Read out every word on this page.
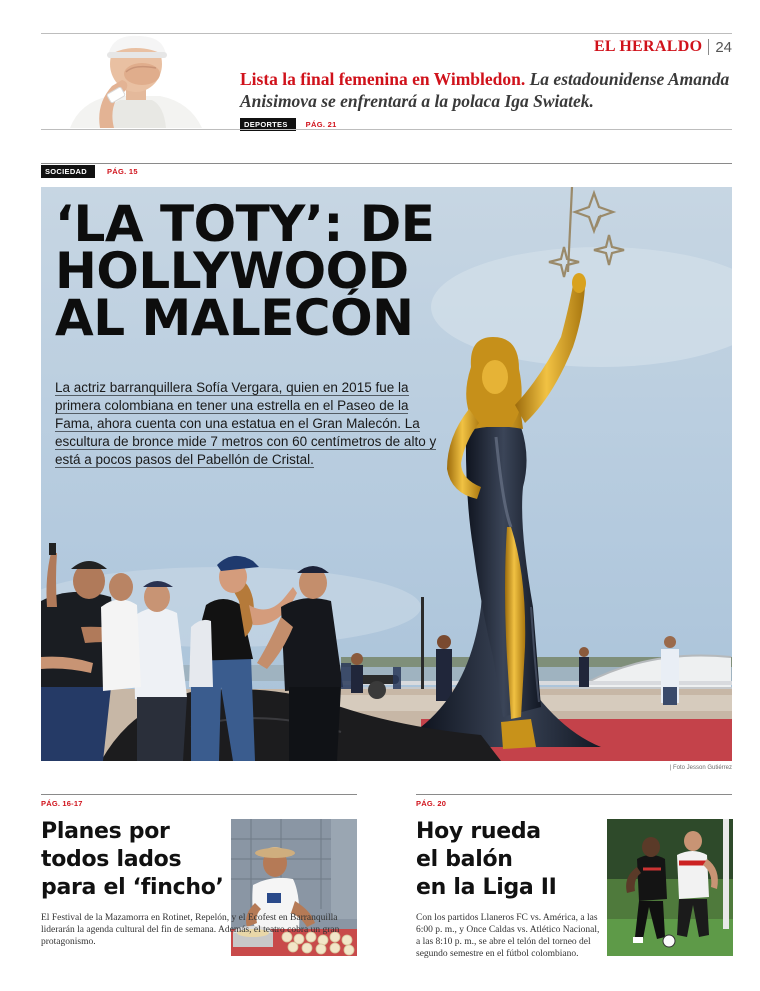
EL HERALDO 24
Lista la final femenina en Wimbledon. La estadounidense Amanda Anisimova se enfrentará a la polaca Iga Swiatek.
DEPORTES	PÁG. 21
SOCIEDAD	PÁG. 15
‘LA TOTY’: DE
HOLLYWOOD
AL MALECÓN
La actriz barranquillera Sofía Vergara, quien en 2015 fue la primera colombiana en tener una estrella en el Paseo de la Fama, ahora cuenta con una estatua en el Gran Malecón. La escultura de bronce mide 7 metros con 60 centímetros de alto y está a pocos pasos del Pabellón de Cristal.
| Foto Jesson Gutiérrez
PÁG. 16-17
Planes por
todos lados
para el ‘fincho’
El Festival de la Mazamorra en Rotinet, Repelón, y el Ecofest en Barranquilla liderarán la agenda cultural del fin de semana. Además, el teatro cobra un gran protagonismo.
PÁG. 20
Hoy rueda
el balón
en la Liga II
Con los partidos Llaneros FC vs. América, a las 6:00 p. m., y Once Caldas vs. Atlético Nacional, a las 8:10 p. m., se abre el telón del torneo del segundo semestre en el fútbol colombiano.
